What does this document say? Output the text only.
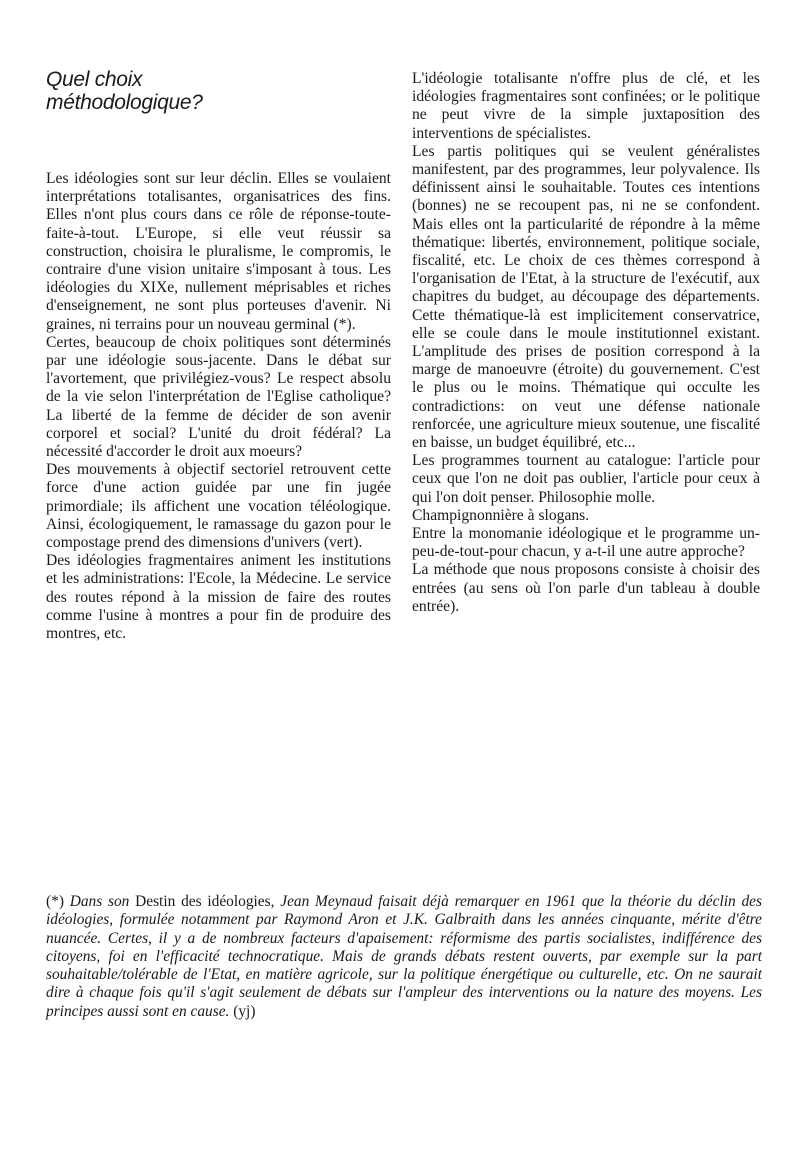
Quel choix
méthodologique?

Les idéologies sont sur leur déclin. Elles se voulaient interprétations totalisantes, organisatrices des fins. Elles n'ont plus cours dans ce rôle de réponse-toute-faite-à-tout. L'Europe, si elle veut réussir sa construction, choisira le pluralisme, le compromis, le contraire d'une vision unitaire s'imposant à tous. Les idéologies du XIXe, nullement méprisables et riches d'enseignement, ne sont plus porteuses d'avenir. Ni graines, ni terrains pour un nouveau germinal (*).

Certes, beaucoup de choix politiques sont déterminés par une idéologie sous-jacente. Dans le débat sur l'avortement, que privilégiez-vous? Le respect absolu de la vie selon l'interprétation de l'Eglise catholique? La liberté de la femme de décider de son avenir corporel et social? L'unité du droit fédéral? La nécessité d'accorder le droit aux moeurs?

Des mouvements à objectif sectoriel retrouvent cette force d'une action guidée par une fin jugée primordiale; ils affichent une vocation téléologique. Ainsi, écologiquement, le ramassage du gazon pour le compostage prend des dimensions d'univers (vert).

Des idéologies fragmentaires animent les institutions et les administrations: l'Ecole, la Médecine. Le service des routes répond à la mission de faire des routes comme l'usine à montres a pour fin de produire des montres, etc.

L'idéologie totalisante n'offre plus de clé, et les idéologies fragmentaires sont confinées; or le politique ne peut vivre de la simple juxtaposition des interventions de spécialistes.

Les partis politiques qui se veulent généralistes manifestent, par des programmes, leur polyvalence. Ils définissent ainsi le souhaitable. Toutes ces intentions (bonnes) ne se recoupent pas, ni ne se confondent. Mais elles ont la particularité de répondre à la même thématique: libertés, environnement, politique sociale, fiscalité, etc. Le choix de ces thèmes correspond à l'organisation de l'Etat, à la structure de l'exécutif, aux chapitres du budget, au découpage des départements. Cette thématique-là est implicitement conservatrice, elle se coule dans le moule institutionnel existant. L'amplitude des prises de position correspond à la marge de manoeuvre (étroite) du gouvernement. C'est le plus ou le moins. Thématique qui occulte les contradictions: on veut une défense nationale renforcée, une agriculture mieux soutenue, une fiscalité en baisse, un budget équilibré, etc...

Les programmes tournent au catalogue: l'article pour ceux que l'on ne doit pas oublier, l'article pour ceux à qui l'on doit penser. Philosophie molle.

Champignonnière à slogans.

Entre la monomanie idéologique et le programme un-peu-de-tout-pour chacun, y a-t-il une autre approche?

La méthode que nous proposons consiste à choisir des entrées (au sens où l'on parle d'un tableau à double entrée).

(*) Dans son Destin des idéologies, Jean Meynaud faisait déjà remarquer en 1961 que la théorie du déclin des idéologies, formulée notamment par Raymond Aron et J.K. Galbraith dans les années cinquante, mérite d'être nuancée. Certes, il y a de nombreux facteurs d'apaisement: réformisme des partis socialistes, indifférence des citoyens, foi en l'efficacité technocratique. Mais de grands débats restent ouverts, par exemple sur la part souhaitable/tolérable de l'Etat, en matière agricole, sur la politique énergétique ou culturelle, etc. On ne saurait dire à chaque fois qu'il s'agit seulement de débats sur l'ampleur des interventions ou la nature des moyens. Les principes aussi sont en cause. (yj)
